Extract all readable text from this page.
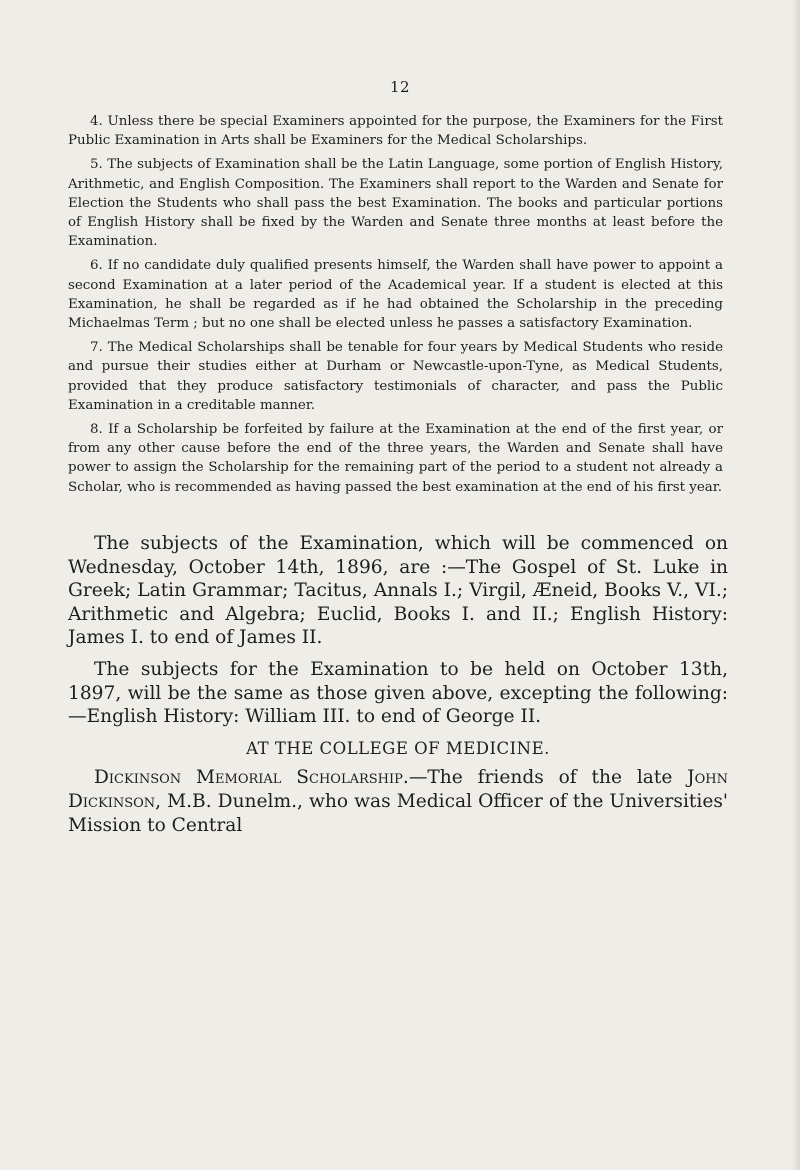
12

4. Unless there be special Examiners appointed for the purpose, the Examiners for the First Public Examination in Arts shall be Examiners for the Medical Scholarships.

5. The subjects of Examination shall be the Latin Language, some portion of English History, Arithmetic, and English Composition. The Examiners shall report to the Warden and Senate for Election the Students who shall pass the best Examination. The books and particular portions of English History shall be fixed by the Warden and Senate three months at least before the Examination.

6. If no candidate duly qualified presents himself, the Warden shall have power to appoint a second Examination at a later period of the Academical year. If a student is elected at this Examination, he shall be regarded as if he had obtained the Scholarship in the preceding Michaelmas Term ; but no one shall be elected unless he passes a satisfactory Examination.

7. The Medical Scholarships shall be tenable for four years by Medical Students who reside and pursue their studies either at Durham or Newcastle-upon-Tyne, as Medical Students, provided that they produce satisfactory testimonials of character, and pass the Public Examination in a creditable manner.

8. If a Scholarship be forfeited by failure at the Examination at the end of the first year, or from any other cause before the end of the three years, the Warden and Senate shall have power to assign the Scholarship for the remaining part of the period to a student not already a Scholar, who is recommended as having passed the best examination at the end of his first year.

The subjects of the Examination, which will be commenced on Wednesday, October 14th, 1896, are :—The Gospel of St. Luke in Greek; Latin Grammar; Tacitus, Annals I.; Virgil, Æneid, Books V., VI.; Arithmetic and Algebra; Euclid, Books I. and II.; English History: James I. to end of James II.

The subjects for the Examination to be held on October 13th, 1897, will be the same as those given above, excepting the following:—English History: William III. to end of George II.

AT THE COLLEGE OF MEDICINE.

Dickinson Memorial Scholarship.—The friends of the late John Dickinson, M.B. Dunelm., who was Medical Officer of the Universities' Mission to Central
